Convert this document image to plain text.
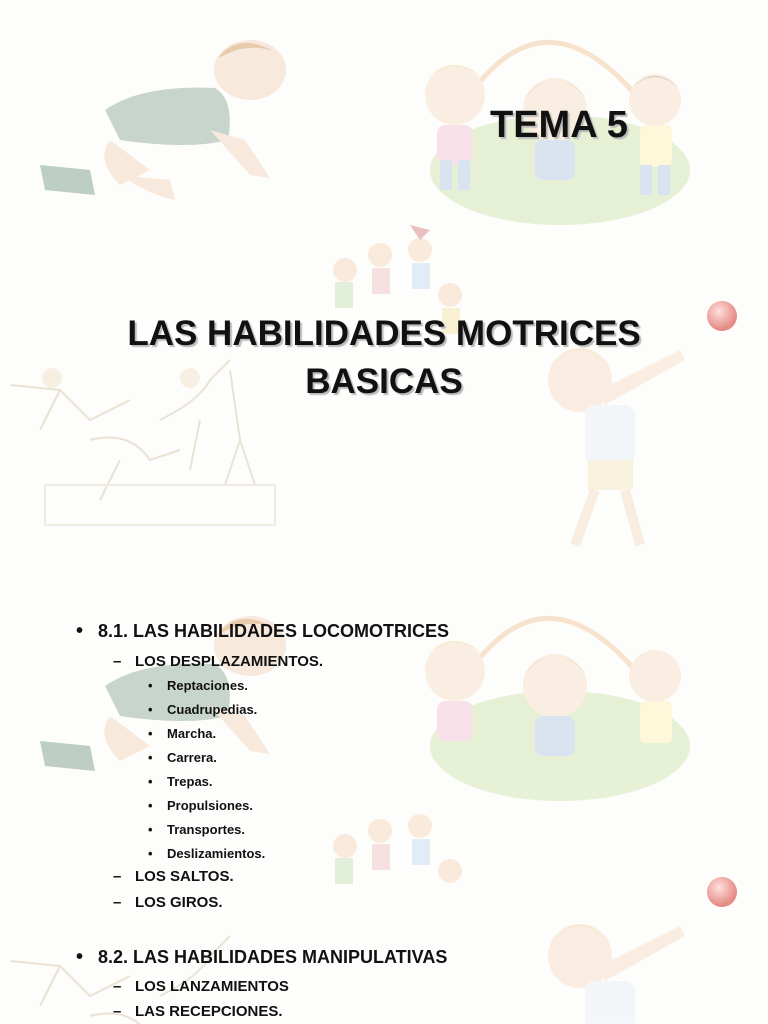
TEMA 5
LAS HABILIDADES MOTRICES
BASICAS
• 8.1. LAS HABILIDADES LOCOMOTRICES
– LOS DESPLAZAMIENTOS.
• Reptaciones.
• Cuadrupedias.
• Marcha.
• Carrera.
• Trepas.
• Propulsiones.
• Transportes.
• Deslizamientos.
– LOS SALTOS.
– LOS GIROS.
• 8.2. LAS HABILIDADES MANIPULATIVAS
– LOS LANZAMIENTOS
– LAS RECEPCIONES.
